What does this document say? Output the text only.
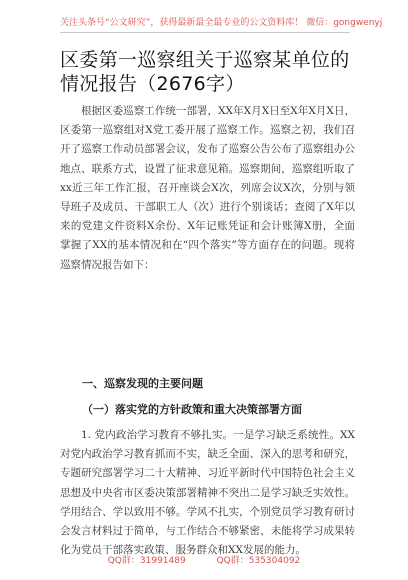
关注头条号“公文研究”，获得最新最全最专业的公文资料库！ 微信：gongwenyj
区委第一巡察组关于巡察某单位的情况报告（2676字）

根据区委巡察工作统一部署，XX年X月X日至X年X月X日，区委第一巡察组对X党工委开展了巡察工作。巡察之初，我们召开了巡察工作动员部署会议，发布了巡察公告公布了巡察组办公地点、联系方式，设置了征求意见箱。巡察期间，巡察组听取了xx近三年工作汇报，召开座谈会X次，列席会议X次，分别与领导班子及成员、干部职工人（次）进行个别谈话；查阅了X年以来的党建文件资料X余份、X年记账凭证和会计账簿X册，全面掌握了XX的基本情况和在“四个落实”等方面存在的问题。现将巡察情况报告如下：

一、巡察发现的主要问题
（一）落实党的方针政策和重大决策部署方面

1. 党内政治学习教育不够扎实。一是学习缺乏系统性。XX对党内政治学习教育抓而不实，缺乏全面、深入的思考和研究，专题研究部署学习二十大精神、习近平新时代中国特色社会主义思想及中央省市区委决策部署精神不突出二是学习缺乏实效性。学用结合、学以致用不够。学风不扎实，个别党员学习教育研讨会发言材料过于简单，与工作结合不够紧密，未能将学习成果转化为党员干部落实政策、服务群众和XX发展的能力。

QQ群：31991489	QQ群：535304092
